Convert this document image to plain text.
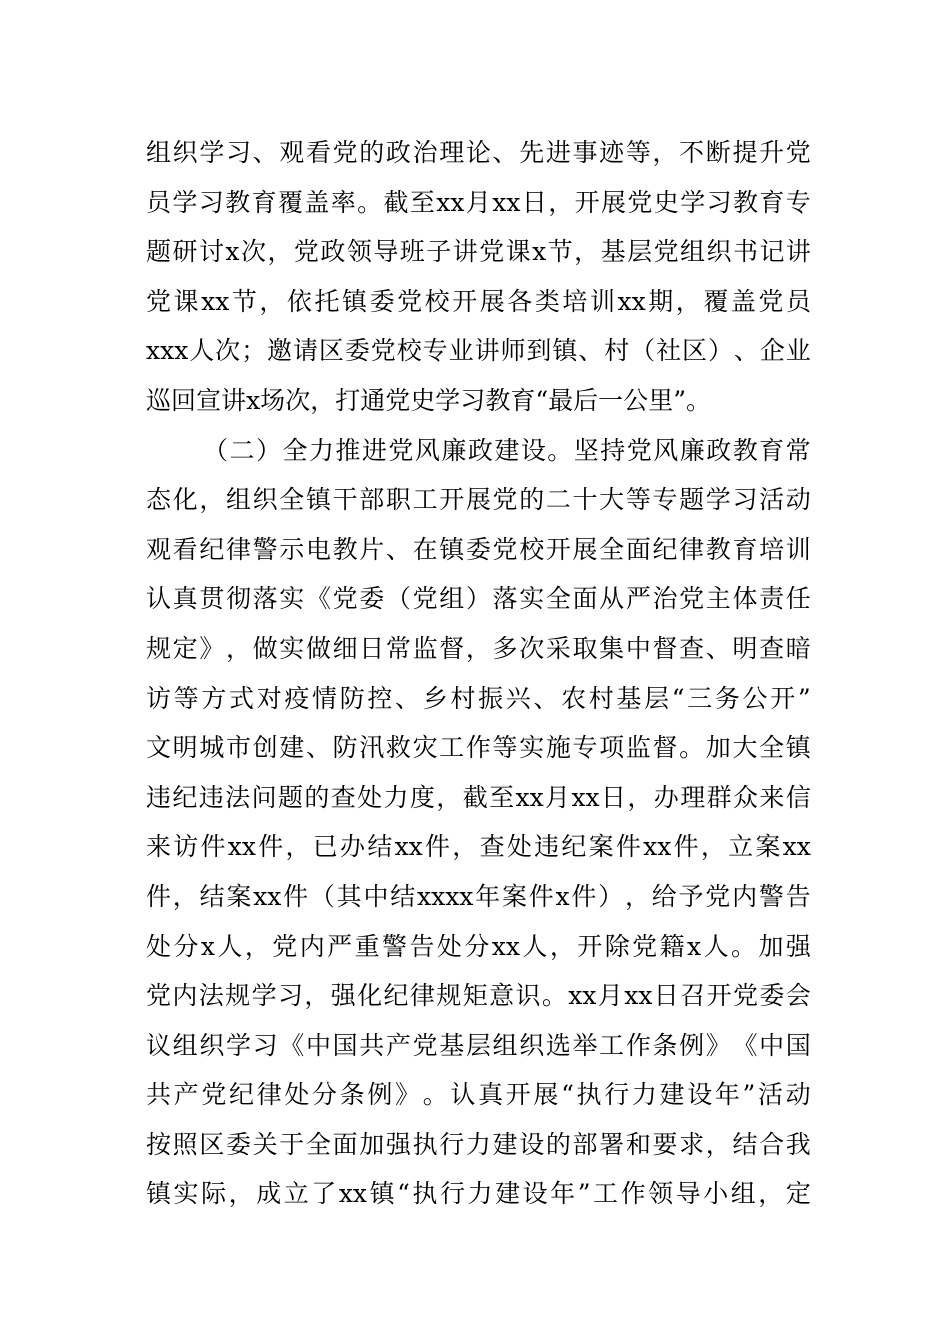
组 织 学 习 、 观 看 党 的 政 治 理 论 、 先 进 事 迹 等 ， 不 断 提 升 党
员 学 习 教 育 覆 盖 率 。 截 至 xx 月 xx 日 ， 开 展 党 史 学 习 教 育 专
题 研 讨 x 次 ， 党 政 领 导 班 子 讲 党 课 x 节 ， 基 层 党 组 织 书 记 讲
党 课 xx 节 ， 依 托 镇 委 党 校 开 展 各 类 培 训 xx 期 ， 覆 盖 党 员
xxx 人 次 ； 邀 请 区 委 党 校 专 业 讲 师 到 镇 、 村 （ 社 区 ） 、 企 业
巡 回 宣 讲 x 场 次 ， 打 通 党 史 学 习 教 育 “ 最 后 一 公 里 ” 。
（ 二 ） 全 力 推 进 党 风 廉 政 建 设 。 坚 持 党 风 廉 政 教 育 常
态 化 ， 组 织 全 镇 干 部 职 工 开 展 党 的 二 十 大 等 专 题 学 习 活 动
观 看 纪 律 警 示 电 教 片 、 在 镇 委 党 校 开 展 全 面 纪 律 教 育 培 训
认 真 贯 彻 落 实 《 党 委 （ 党 组 ） 落 实 全 面 从 严 治 党 主 体 责 任
规 定 》 ， 做 实 做 细 日 常 监 督 ， 多 次 采 取 集 中 督 查 、 明 查 暗
访 等 方 式 对 疫 情 防 控 、 乡 村 振 兴 、 农 村 基 层 “ 三 务 公 开 ”
文 明 城 市 创 建 、 防 汛 救 灾 工 作 等 实 施 专 项 监 督 。 加 大 全 镇
违 纪 违 法 问 题 的 查 处 力 度 ， 截 至 xx 月 xx 日 ， 办 理 群 众 来 信
来 访 件 xx 件 ， 已 办 结 xx 件 ， 查 处 违 纪 案 件 xx 件 ， 立 案 xx
件 ， 结 案 xx 件 （ 其 中 结 xxxx 年 案 件 x 件 ） ， 给 予 党 内 警 告
处 分 x 人 ， 党 内 严 重 警 告 处 分 xx 人 ， 开 除 党 籍 x 人 。 加 强
党 内 法 规 学 习 ， 强 化 纪 律 规 矩 意 识 。 xx 月 xx 日 召 开 党 委 会
议 组 织 学 习 《 中 国 共 产 党 基 层 组 织 选 举 工 作 条 例 》 《 中 国
共 产 党 纪 律 处 分 条 例 》 。 认 真 开 展 “ 执 行 力 建 设 年 ” 活 动
按 照 区 委 关 于 全 面 加 强 执 行 力 建 设 的 部 署 和 要 求 ， 结 合 我
镇 实 际 ， 成 立 了 xx 镇 “ 执 行 力 建 设 年 ” 工 作 领 导 小 组 ， 定
